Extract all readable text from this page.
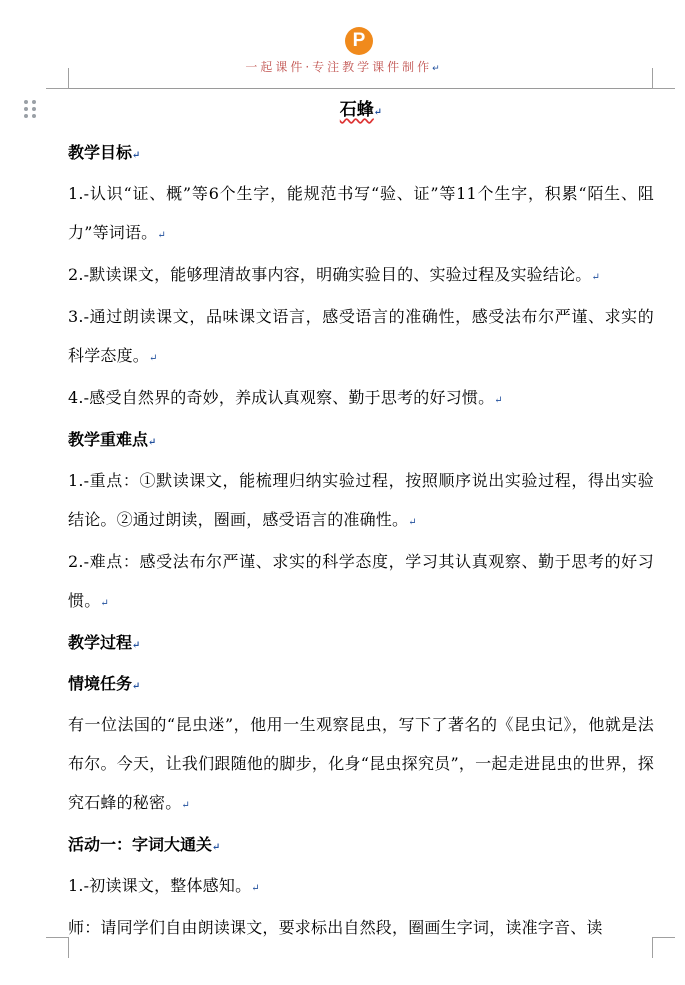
P
一起课件·专注教学课件制作↵
石蜂↵
教学目标↵
1.-认识“证、概”等6个生字，能规范书写“验、证”等11个生字，积累“陌生、阻力”等词语。↵
2.-默读课文，能够理清故事内容，明确实验目的、实验过程及实验结论。↵
3.-通过朗读课文，品味课文语言，感受语言的准确性，感受法布尔严谨、求实的科学态度。↵
4.-感受自然界的奇妙，养成认真观察、勤于思考的好习惯。↵
教学重难点↵
1.-重点：①默读课文，能梳理归纳实验过程，按照顺序说出实验过程，得出实验结论。②通过朗读，圈画，感受语言的准确性。↵
2.-难点：感受法布尔严谨、求实的科学态度，学习其认真观察、勤于思考的好习惯。↵
教学过程↵
情境任务↵
有一位法国的“昆虫迷”，他用一生观察昆虫，写下了著名的《昆虫记》，他就是法布尔。今天，让我们跟随他的脚步，化身“昆虫探究员”，一起走进昆虫的世界，探究石蜂的秘密。↵
活动一：字词大通关↵
1.-初读课文，整体感知。↵
师：请同学们自由朗读课文，要求标出自然段，圈画生字词，读准字音、读
